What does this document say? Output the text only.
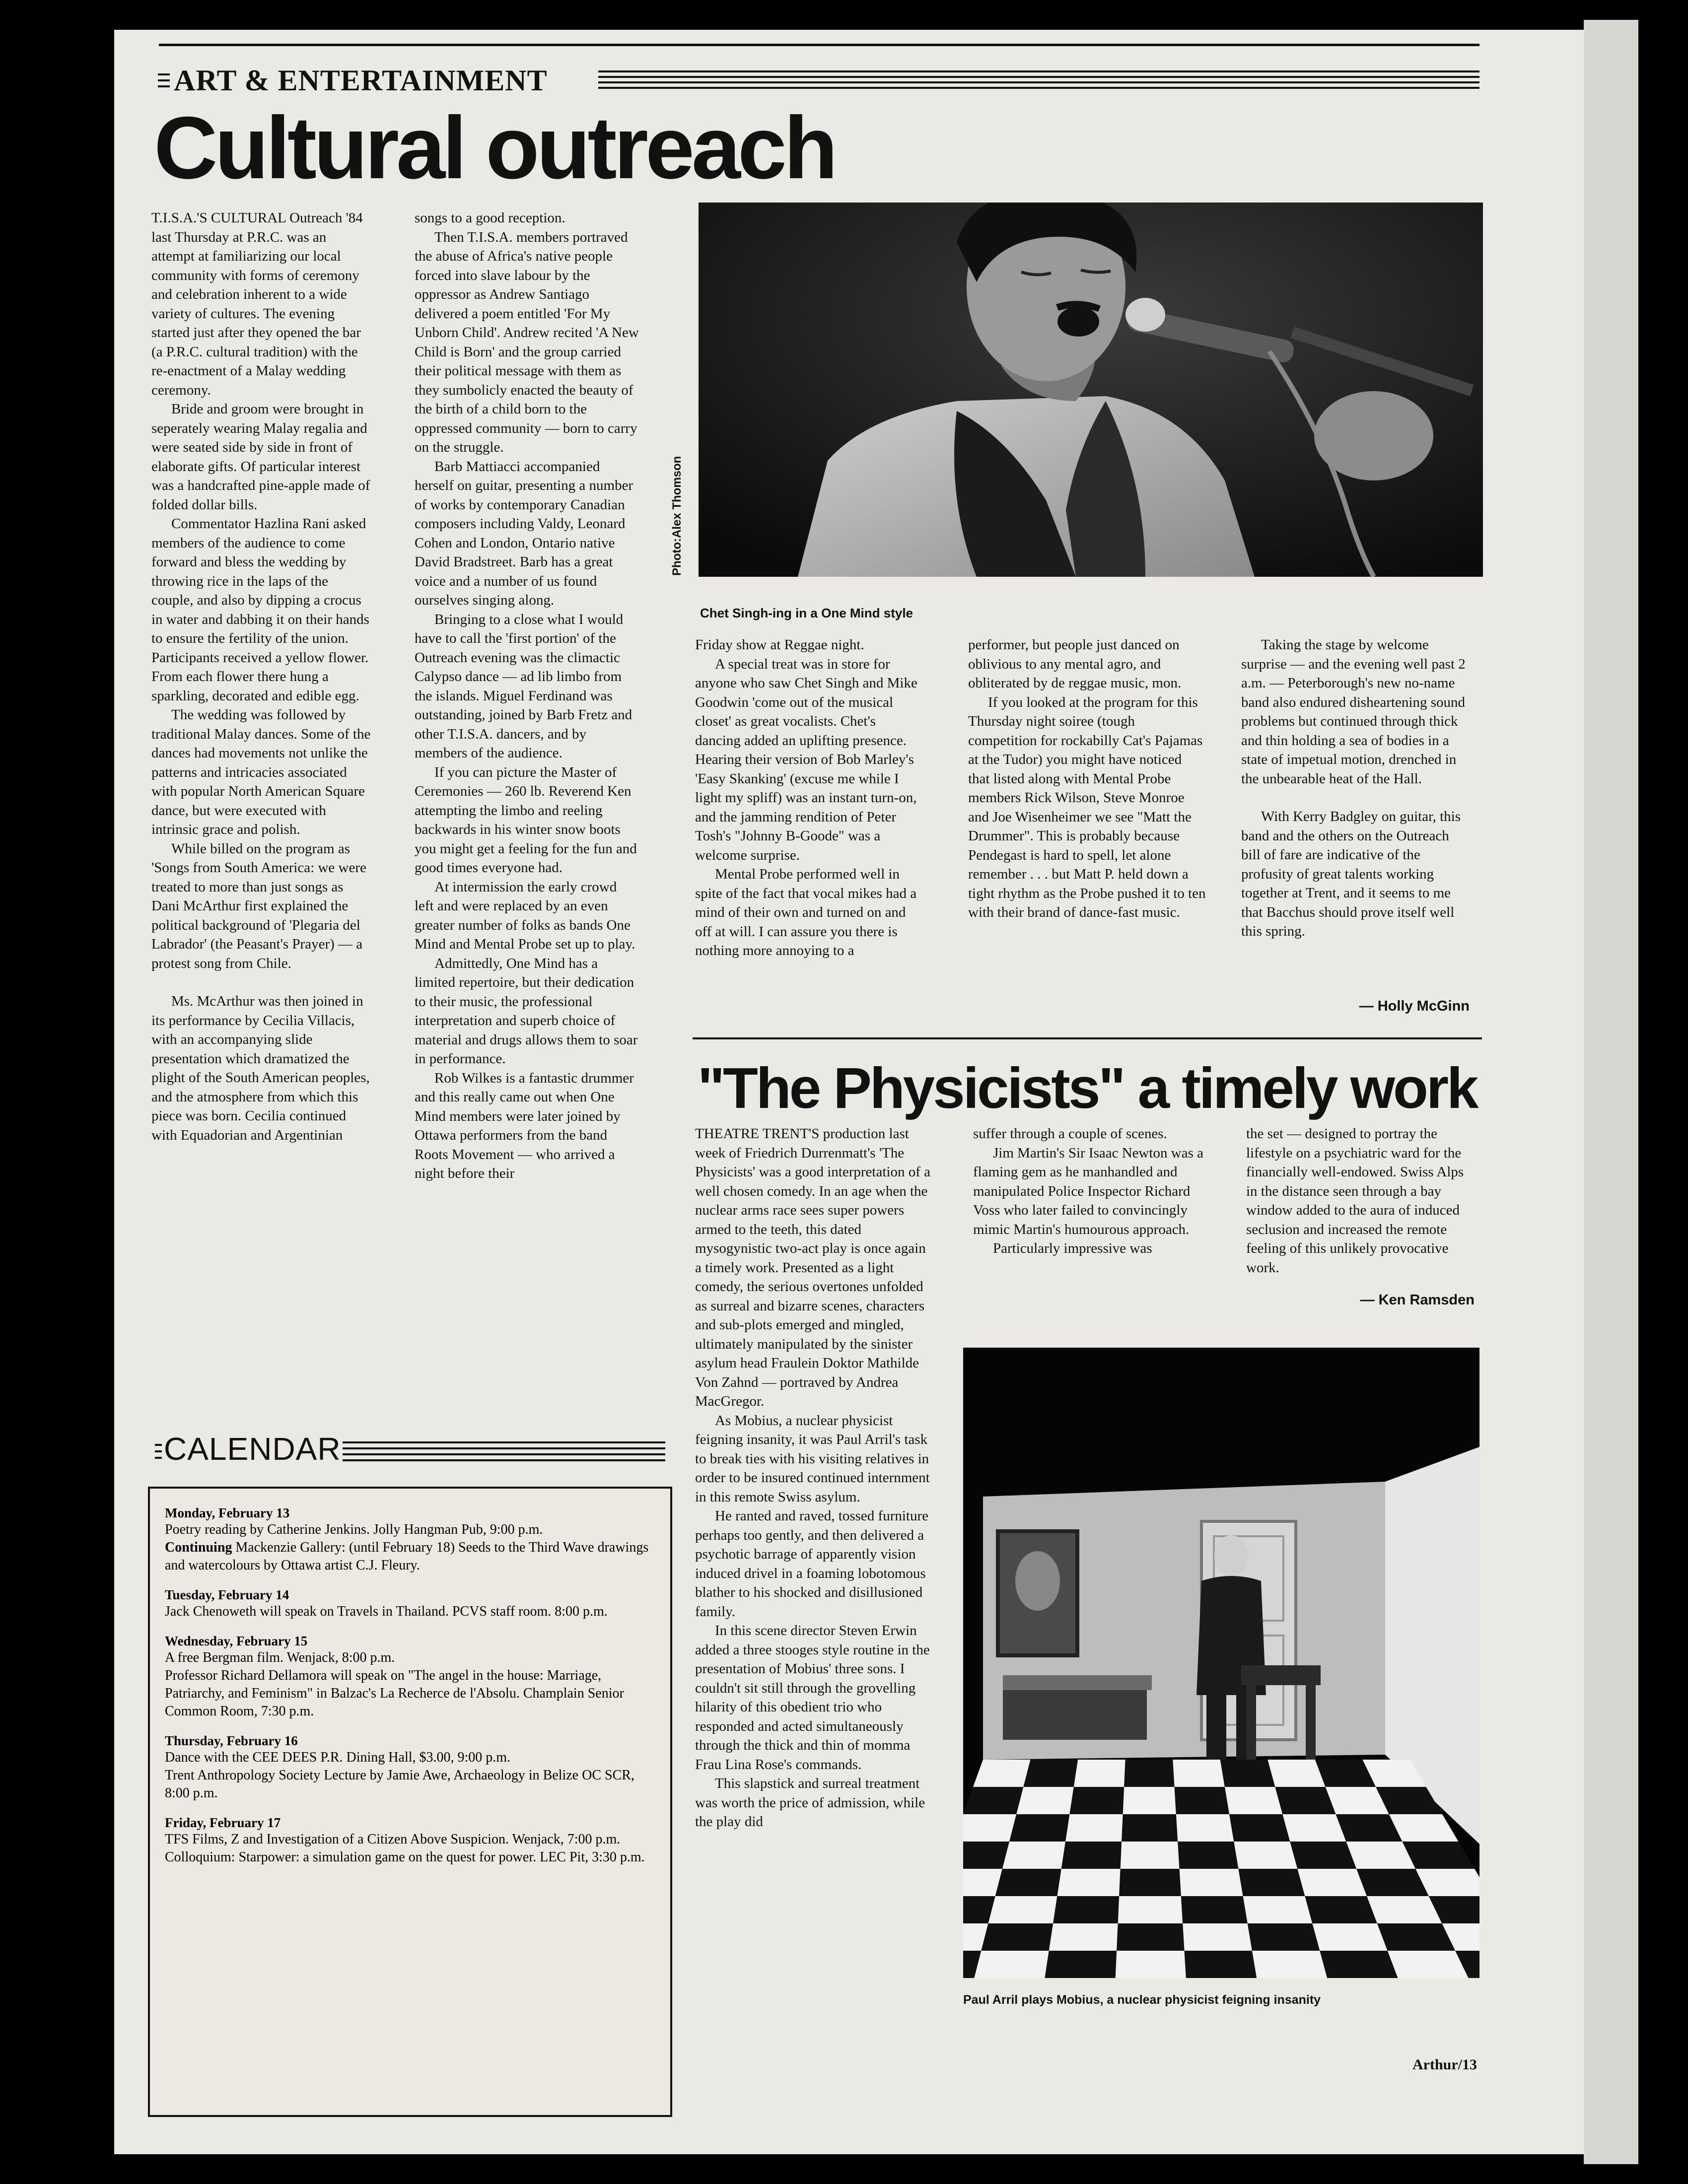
ART & ENTERTAINMENT
Cultural outreach
Photo:Alex Thomson
Chet Singh-ing in a One Mind style

T.I.S.A.'S CULTURAL Outreach '84 last Thursday at P.R.C. was an attempt at familiarizing our local community with forms of ceremony and celebration inherent to a wide variety of cultures. The evening started just after they opened the bar (a P.R.C. cultural tradition) with the re-enactment of a Malay wedding ceremony.

Bride and groom were brought in seperately wearing Malay regalia and were seated side by side in front of elaborate gifts. Of particular interest was a handcrafted pine-apple made of folded dollar bills.

Commentator Hazlina Rani asked members of the audience to come forward and bless the wedding by throwing rice in the laps of the couple, and also by dipping a crocus in water and dabbing it on their hands to ensure the fertility of the union. Participants received a yellow flower. From each flower there hung a sparkling, decorated and edible egg.

The wedding was followed by traditional Malay dances. Some of the dances had movements not unlike the patterns and intricacies associated with popular North American Square dance, but were executed with intrinsic grace and polish.

While billed on the program as 'Songs from South America: we were treated to more than just songs as Dani McArthur first explained the political background of 'Plegaria del Labrador' (the Peasant's Prayer) — a protest song from Chile.

Ms. McArthur was then joined in its performance by Cecilia Villacis, with an accompanying slide presentation which dramatized the plight of the South American peoples, and the atmosphere from which this piece was born. Cecilia continued with Equadorian and Argentinian

songs to a good reception.

Then T.I.S.A. members portraved the abuse of Africa's native people forced into slave labour by the oppressor as Andrew Santiago delivered a poem entitled 'For My Unborn Child'. Andrew recited 'A New Child is Born' and the group carried their political message with them as they sumbolicly enacted the beauty of the birth of a child born to the oppressed community — born to carry on the struggle.

Barb Mattiacci accompanied herself on guitar, presenting a number of works by contemporary Canadian composers including Valdy, Leonard Cohen and London, Ontario native David Bradstreet. Barb has a great voice and a number of us found ourselves singing along.

Bringing to a close what I would have to call the 'first portion' of the Outreach evening was the climactic Calypso dance — ad lib limbo from the islands. Miguel Ferdinand was outstanding, joined by Barb Fretz and other T.I.S.A. dancers, and by members of the audience.

If you can picture the Master of Ceremonies — 260 lb. Reverend Ken attempting the limbo and reeling backwards in his winter snow boots you might get a feeling for the fun and good times everyone had.

At intermission the early crowd left and were replaced by an even greater number of folks as bands One Mind and Mental Probe set up to play.

Admittedly, One Mind has a limited repertoire, but their dedication to their music, the professional interpretation and superb choice of material and drugs allows them to soar in performance.

Rob Wilkes is a fantastic drummer and this really came out when One Mind members were later joined by Ottawa performers from the band Roots Movement — who arrived a night before their

Friday show at Reggae night.

A special treat was in store for anyone who saw Chet Singh and Mike Goodwin 'come out of the musical closet' as great vocalists. Chet's dancing added an uplifting presence. Hearing their version of Bob Marley's 'Easy Skanking' (excuse me while I light my spliff) was an instant turn-on, and the jamming rendition of Peter Tosh's "Johnny B-Goode" was a welcome surprise.

Mental Probe performed well in spite of the fact that vocal mikes had a mind of their own and turned on and off at will. I can assure you there is nothing more annoying to a

performer, but people just danced on oblivious to any mental agro, and obliterated by de reggae music, mon.

If you looked at the program for this Thursday night soiree (tough competition for rockabilly Cat's Pajamas at the Tudor) you might have noticed that listed along with Mental Probe members Rick Wilson, Steve Monroe and Joe Wisenheimer we see "Matt the Drummer". This is probably because Pendegast is hard to spell, let alone remember . . . but Matt P. held down a tight rhythm as the Probe pushed it to ten with their brand of dance-fast music.

Taking the stage by welcome surprise — and the evening well past 2 a.m. — Peterborough's new no-name band also endured disheartening sound problems but continued through thick and thin holding a sea of bodies in a state of impetual motion, drenched in the unbearable heat of the Hall.

With Kerry Badgley on guitar, this band and the others on the Outreach bill of fare are indicative of the profusity of great talents working together at Trent, and it seems to me that Bacchus should prove itself well this spring.

— Holly McGinn
"The Physicists" a timely work

THEATRE TRENT'S production last week of Friedrich Durrenmatt's 'The Physicists' was a good interpretation of a well chosen comedy. In an age when the nuclear arms race sees super powers armed to the teeth, this dated mysogynistic two-act play is once again a timely work. Presented as a light comedy, the serious overtones unfolded as surreal and bizarre scenes, characters and sub-plots emerged and mingled, ultimately manipulated by the sinister asylum head Fraulein Doktor Mathilde Von Zahnd — portraved by Andrea MacGregor.

As Mobius, a nuclear physicist feigning insanity, it was Paul Arril's task to break ties with his visiting relatives in order to be insured continued internment in this remote Swiss asylum.

He ranted and raved, tossed furniture perhaps too gently, and then delivered a psychotic barrage of apparently vision induced drivel in a foaming lobotomous blather to his shocked and disillusioned family.

In this scene director Steven Erwin added a three stooges style routine in the presentation of Mobius' three sons. I couldn't sit still through the grovelling hilarity of this obedient trio who responded and acted simultaneously through the thick and thin of momma Frau Lina Rose's commands.

This slapstick and surreal treatment was worth the price of admission, while the play did

suffer through a couple of scenes.

Jim Martin's Sir Isaac Newton was a flaming gem as he manhandled and manipulated Police Inspector Richard Voss who later failed to convincingly mimic Martin's humourous approach.

Particularly impressive was

the set — designed to portray the lifestyle on a psychiatric ward for the financially well-endowed. Swiss Alps in the distance seen through a bay window added to the aura of induced seclusion and increased the remote feeling of this unlikely provocative work.

— Ken Ramsden
Paul Arril plays Mobius, a nuclear physicist feigning insanity
CALENDAR
Monday, February 13
Poetry reading by Catherine Jenkins. Jolly Hangman Pub, 9:00 p.m.
Continuing Mackenzie Gallery: (until February 18) Seeds to the Third Wave drawings and watercolours by Ottawa artist C.J. Fleury.
Tuesday, February 14
Jack Chenoweth will speak on Travels in Thailand. PCVS staff room. 8:00 p.m.
Wednesday, February 15
A free Bergman film. Wenjack, 8:00 p.m.
Professor Richard Dellamora will speak on "The angel in the house: Marriage, Patriarchy, and Feminism" in Balzac's La Recherce de l'Absolu. Champlain Senior Common Room, 7:30 p.m.
Thursday, February 16
Dance with the CEE DEES P.R. Dining Hall, $3.00, 9:00 p.m.
Trent Anthropology Society Lecture by Jamie Awe, Archaeology in Belize OC SCR, 8:00 p.m.
Friday, February 17
TFS Films, Z and Investigation of a Citizen Above Suspicion. Wenjack, 7:00 p.m.
Colloquium: Starpower: a simulation game on the quest for power. LEC Pit, 3:30 p.m.
Arthur/13
